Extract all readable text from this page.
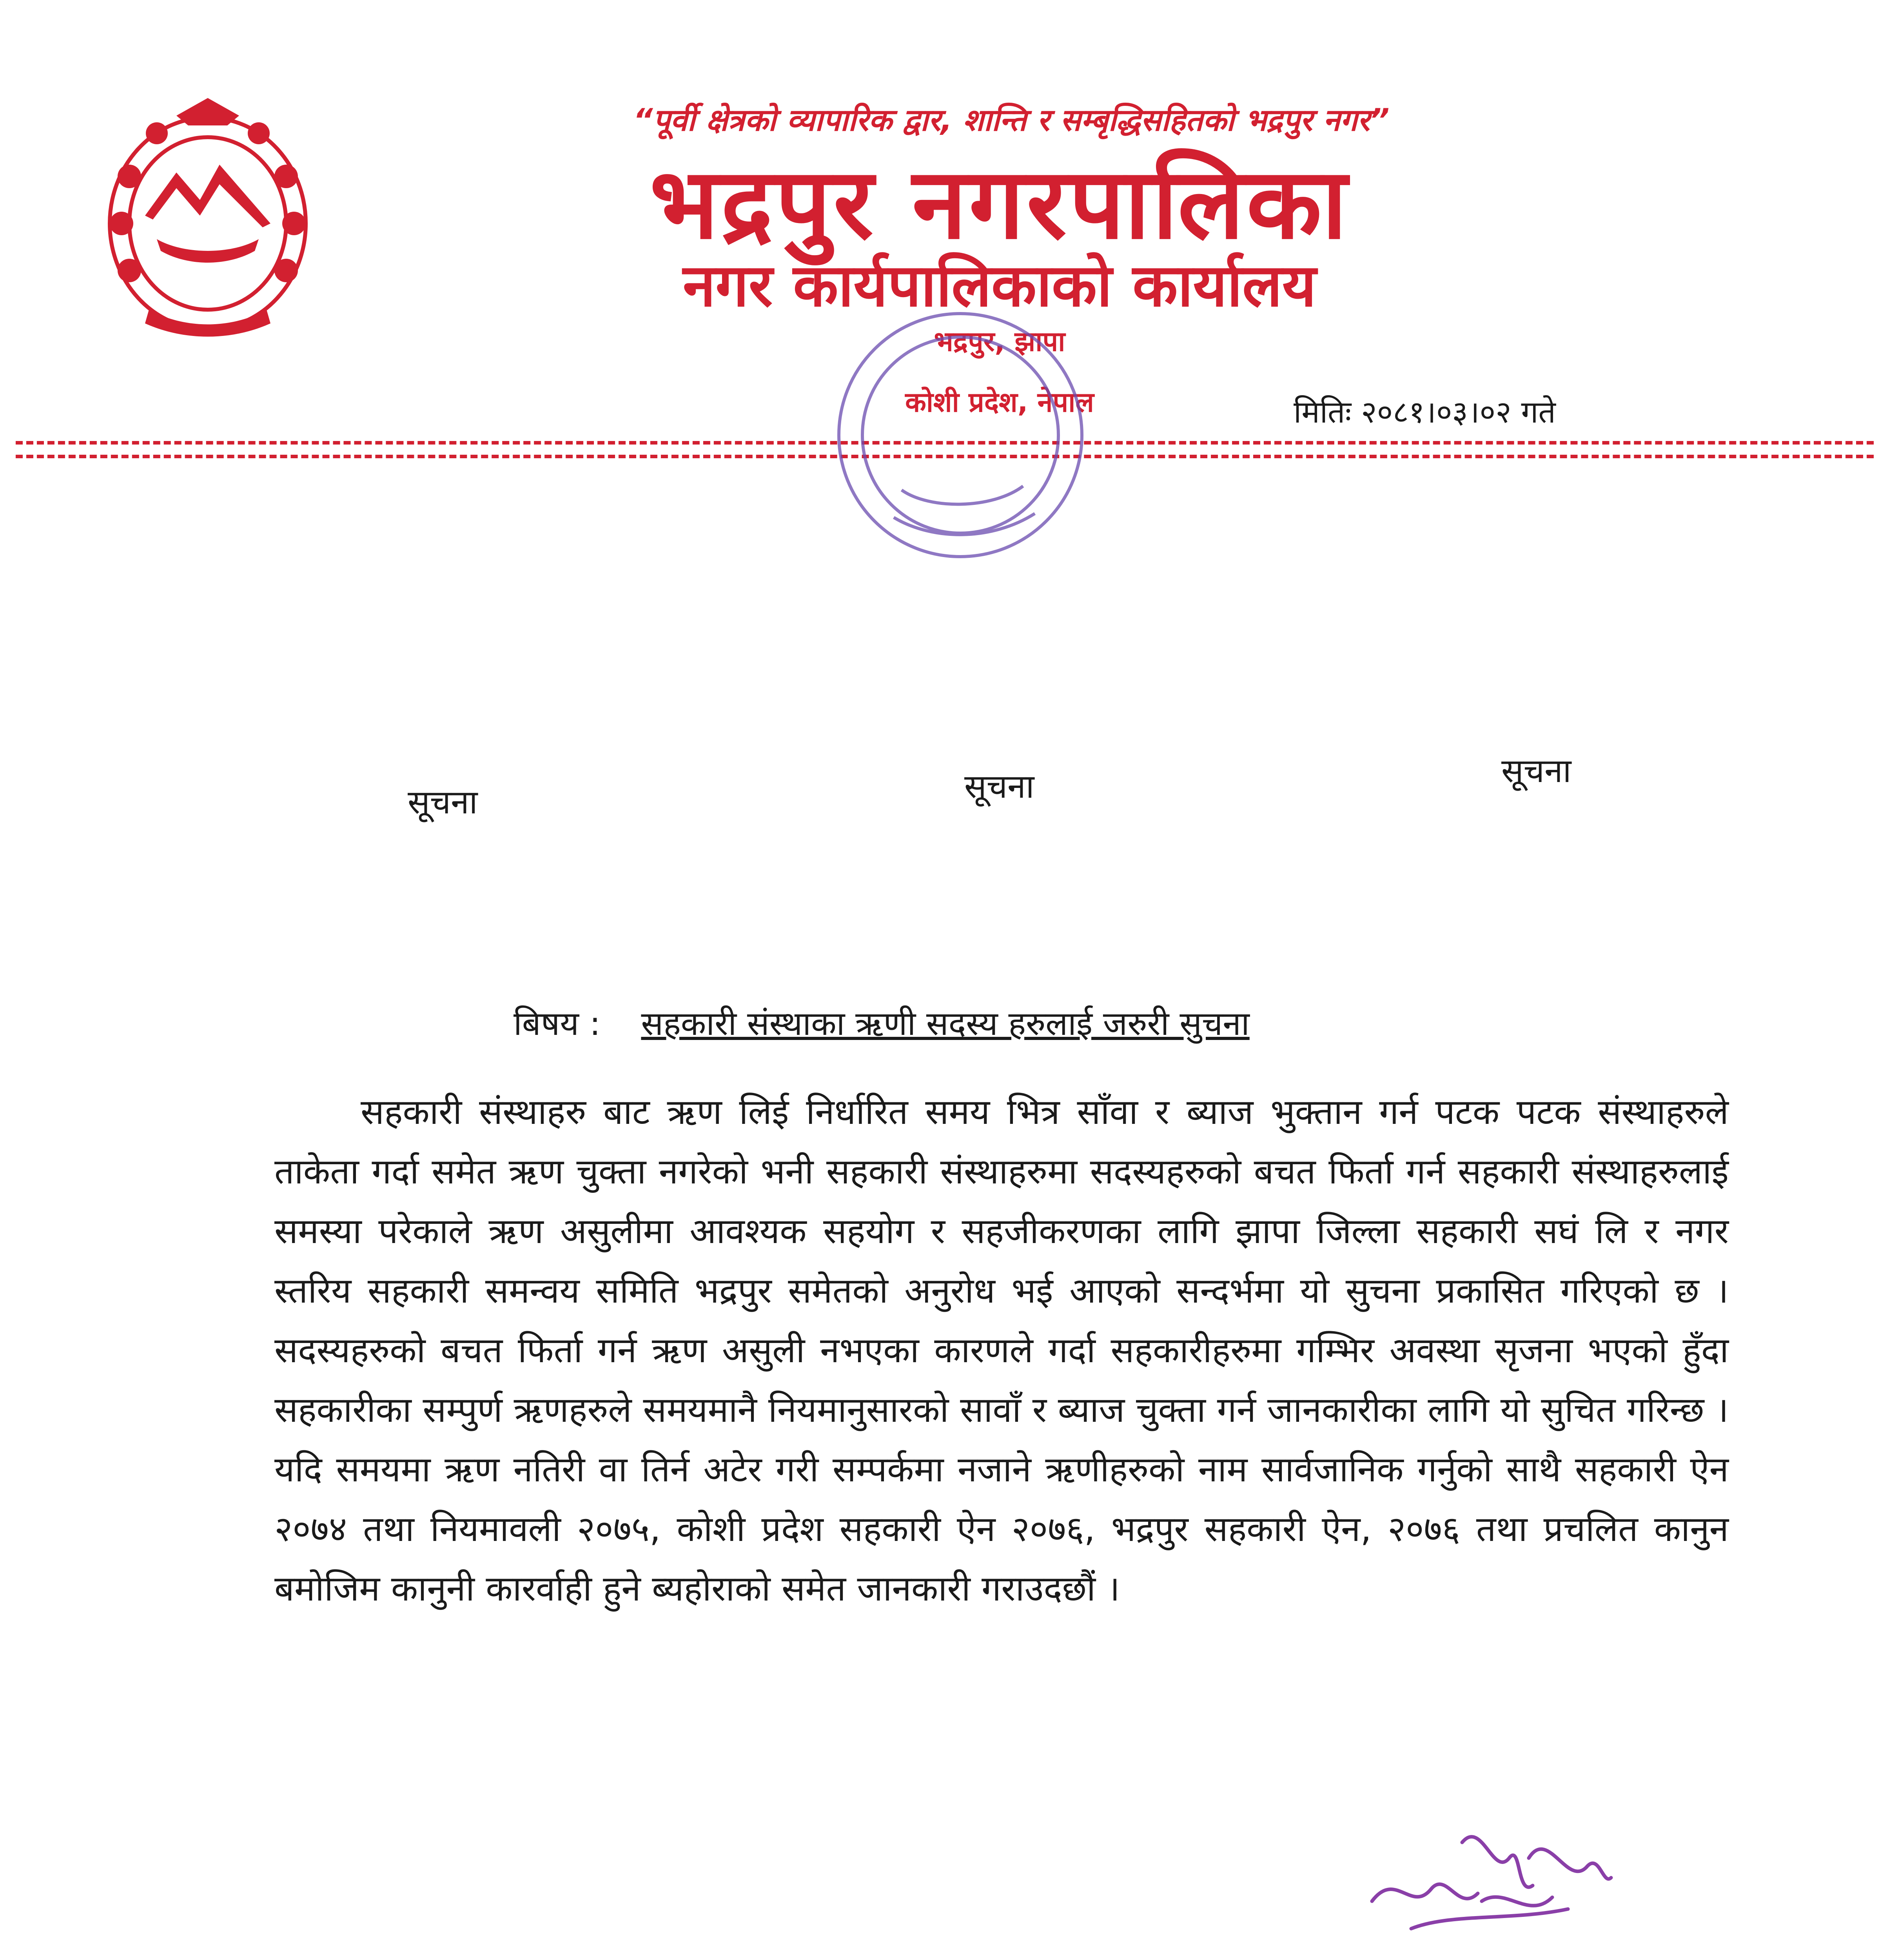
“पूर्वी क्षेत्रको व्यापारिक द्वार, शान्ति र सम्बृद्धिसहितको भद्रपुर नगर”
भद्रपुर नगरपालिका
नगर कार्यपालिकाको कार्यालय
भद्रपुर, झापा
कोशी प्रदेश, नेपाल	मितिः २०८१।०३।०२ गते
सूचना	सूचना	सूचना
बिषय : सहकारी संस्थाका ऋणी सदस्य हरुलाई जरुरी सुचना
सहकारी संस्थाहरु बाट ऋण लिई निर्धारित समय भित्र साँवा र ब्याज भुक्तान गर्न पटक पटक संस्थाहरुले ताकेता गर्दा समेत ऋण चुक्ता नगरेको भनी सहकारी संस्थाहरुमा सदस्यहरुको बचत फिर्ता गर्न सहकारी संस्थाहरुलाई समस्या परेकाले ऋण असुलीमा आवश्यक सहयोग र सहजीकरणका लागि झापा जिल्ला सहकारी सघं लि र नगर स्तरिय सहकारी समन्वय समिति भद्रपुर समेतको अनुरोध भई आएको सन्दर्भमा यो सुचना प्रकासित गरिएको छ । सदस्यहरुको बचत फिर्ता गर्न ऋण असुली नभएका कारणले गर्दा सहकारीहरुमा गम्भिर अवस्था सृजना भएको हुँदा सहकारीका सम्पुर्ण ऋणहरुले समयमानै नियमानुसारको सावाँ र ब्याज चुक्ता गर्न जानकारीका लागि यो सुचित गरिन्छ । यदि समयमा ऋण नतिरी वा तिर्न अटेर गरी सम्पर्कमा नजाने ऋणीहरुको नाम सार्वजानिक गर्नुको साथै सहकारी ऐन २०७४ तथा नियमावली २०७५, कोशी प्रदेश सहकारी ऐन २०७६, भद्रपुर सहकारी ऐन, २०७६ तथा प्रचलित कानुन बमोजिम कानुनी कारर्वाही हुने ब्यहोराको समेत जानकारी गराउदछौं ।
